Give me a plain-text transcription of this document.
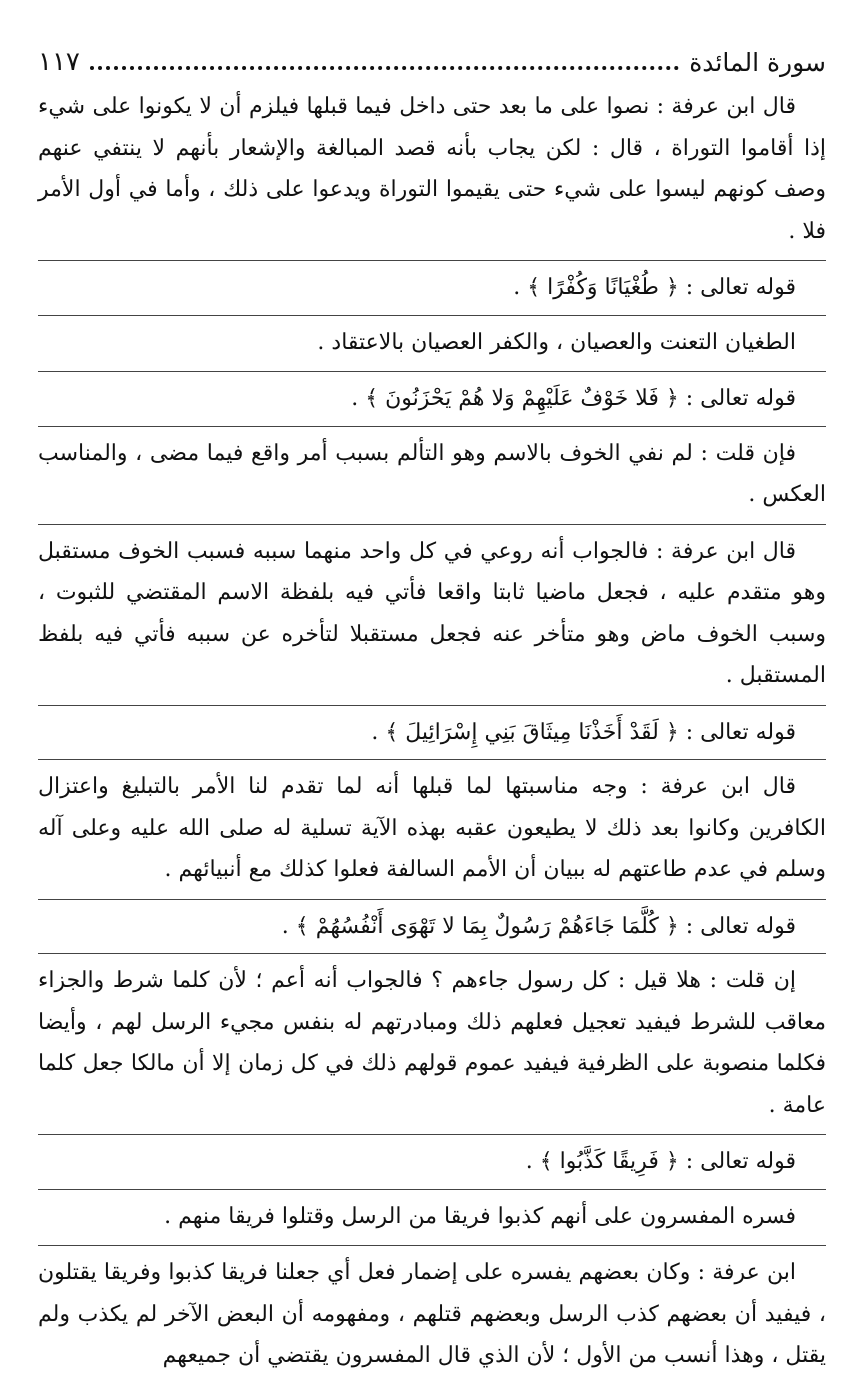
سورة المائدة
١١٧

قال ابن عرفة : نصوا على ما بعد حتى داخل فيما قبلها فيلزم أن لا يكونوا على شيء إذا أقاموا التوراة ، قال : لكن يجاب بأنه قصد المبالغة والإشعار بأنهم لا ينتفي عنهم وصف كونهم ليسوا على شيء حتى يقيموا التوراة ويدعوا على ذلك ، وأما في أول الأمر فلا .

قوله تعالى : ﴿ طُغْيَانًا وَكُفْرًا ﴾ .

الطغيان التعنت والعصيان ، والكفر العصيان بالاعتقاد .

قوله تعالى : ﴿ فَلا خَوْفٌ عَلَيْهِمْ وَلا هُمْ يَحْزَنُونَ ﴾ .

فإن قلت : لم نفي الخوف بالاسم وهو التألم بسبب أمر واقع فيما مضى ، والمناسب العكس .

قال ابن عرفة : فالجواب أنه روعي في كل واحد منهما سببه فسبب الخوف مستقبل وهو متقدم عليه ، فجعل ماضيا ثابتا واقعا فأتي فيه بلفظة الاسم المقتضي للثبوت ، وسبب الخوف ماض وهو متأخر عنه فجعل مستقبلا لتأخره عن سببه فأتي فيه بلفظ المستقبل .

قوله تعالى : ﴿ لَقَدْ أَخَذْنَا مِيثَاقَ بَنِي إِسْرَائِيلَ ﴾ .

قال ابن عرفة : وجه مناسبتها لما قبلها أنه لما تقدم لنا الأمر بالتبليغ واعتزال الكافرين وكانوا بعد ذلك لا يطيعون عقبه بهذه الآية تسلية له صلى الله عليه وعلى آله وسلم في عدم طاعتهم له ببيان أن الأمم السالفة فعلوا كذلك مع أنبيائهم .

قوله تعالى : ﴿ كُلَّمَا جَاءَهُمْ رَسُولٌ بِمَا لا تَهْوَى أَنْفُسُهُمْ ﴾ .

إن قلت : هلا قيل : كل رسول جاءهم ؟ فالجواب أنه أعم ؛ لأن كلما شرط والجزاء معاقب للشرط فيفيد تعجيل فعلهم ذلك ومبادرتهم له بنفس مجيء الرسل لهم ، وأيضا فكلما منصوبة على الظرفية فيفيد عموم قولهم ذلك في كل زمان إلا أن مالكا جعل كلما عامة .

قوله تعالى : ﴿ فَرِيقًا كَذَّبُوا ﴾ .

فسره المفسرون على أنهم كذبوا فريقا من الرسل وقتلوا فريقا منهم .

ابن عرفة : وكان بعضهم يفسره على إضمار فعل أي جعلنا فريقا كذبوا وفريقا يقتلون ، فيفيد أن بعضهم كذب الرسل وبعضهم قتلهم ، ومفهومه أن البعض الآخر لم يكذب ولم يقتل ، وهذا أنسب من الأول ؛ لأن الذي قال المفسرون يقتضي أن جميعهم
